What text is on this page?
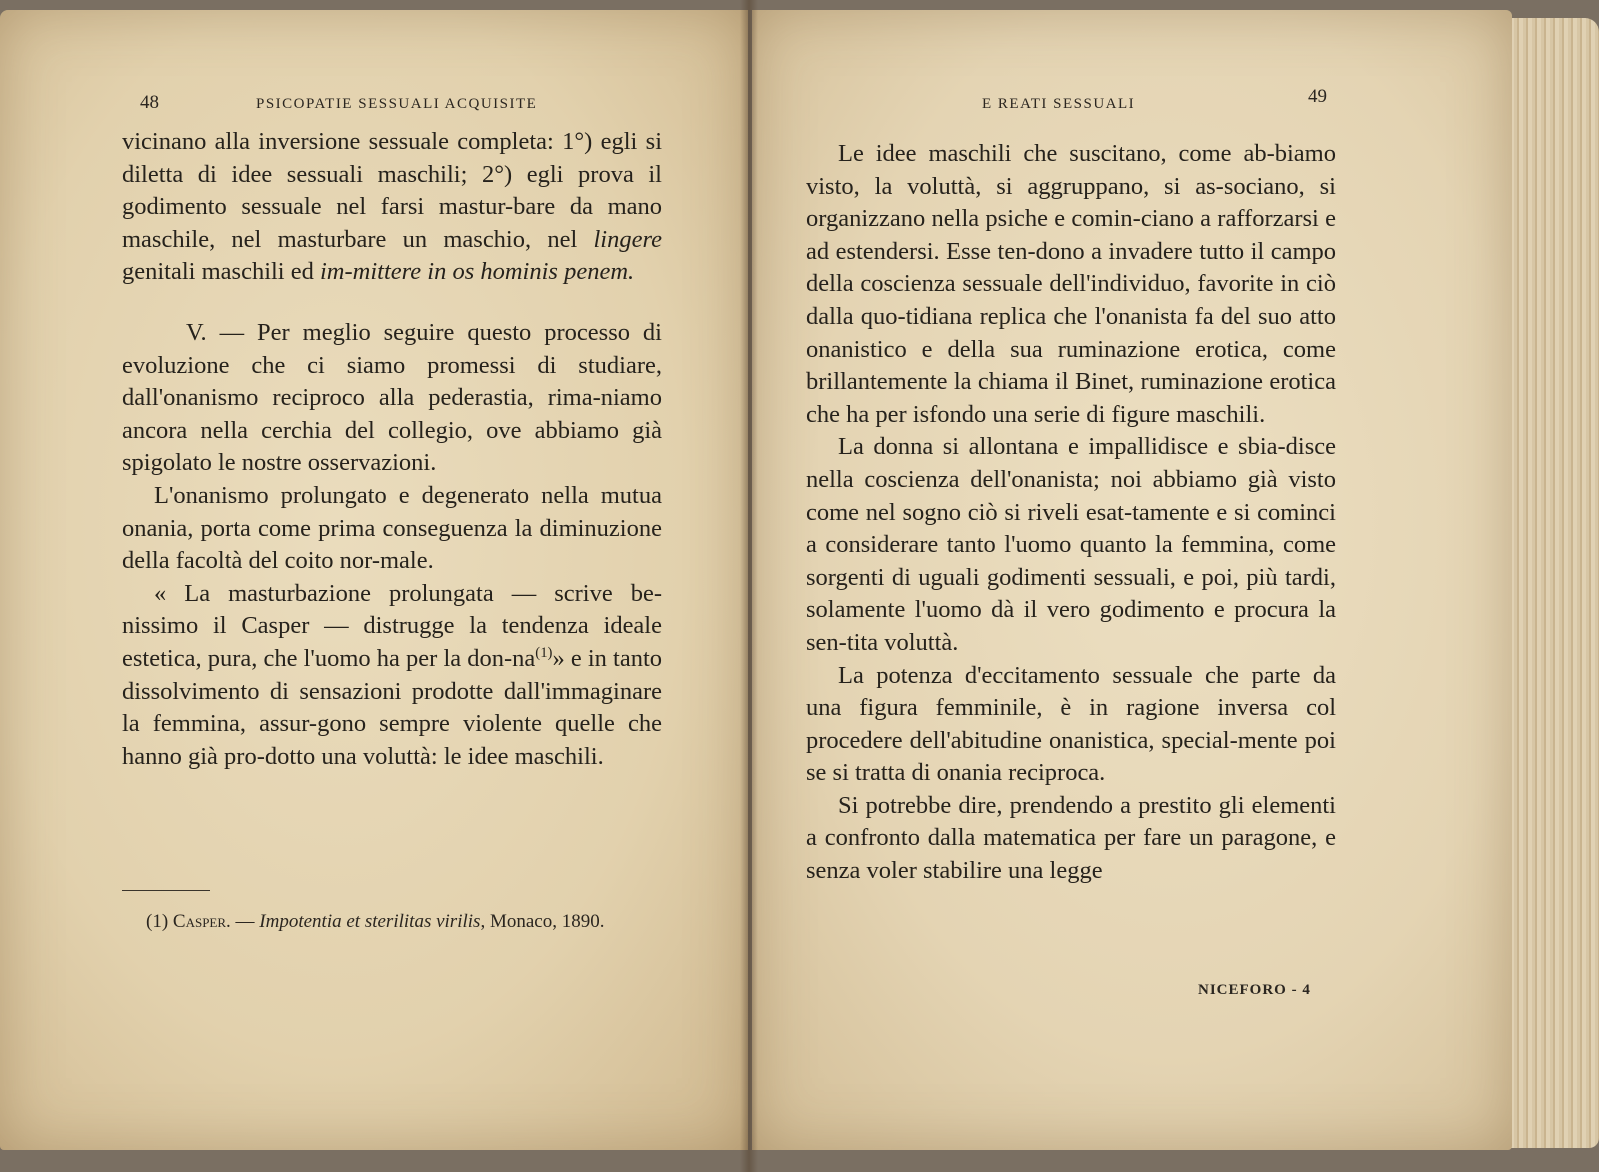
48	PSICOPATIE SESSUALI ACQUISITE

vicinano alla inversione sessuale completa: 1°) egli si diletta di idee sessuali maschili; 2°) egli prova il godimento sessuale nel farsi mastur-bare da mano maschile, nel masturbare un maschio, nel lingere genitali maschili ed im-mittere in os hominis penem.

V. — Per meglio seguire questo processo di evoluzione che ci siamo promessi di studiare, dall'onanismo reciproco alla pederastia, rima-niamo ancora nella cerchia del collegio, ove abbiamo già spigolato le nostre osservazioni.

L'onanismo prolungato e degenerato nella mutua onania, porta come prima conseguenza la diminuzione della facoltà del coito nor-male.

« La masturbazione prolungata — scrive be-nissimo il Casper — distrugge la tendenza ideale estetica, pura, che l'uomo ha per la don-$na^{(1)}$» e in tanto dissolvimento di sensazioni prodotte dall'immaginare la femmina, assur-gono sempre violente quelle che hanno già pro-dotto una voluttà: le idee maschili.

(1) Casper. — Impotentia et sterilitas virilis, Monaco, 1890.
E REATI SESSUALI	49

Le idee maschili che suscitano, come ab-biamo visto, la voluttà, si aggruppano, si as-sociano, si organizzano nella psiche e comin-ciano a rafforzarsi e ad estendersi. Esse ten-dono a invadere tutto il campo della coscienza sessuale dell'individuo, favorite in ciò dalla quo-tidiana replica che l'onanista fa del suo atto onanistico e della sua ruminazione erotica, come brillantemente la chiama il Binet, ruminazione erotica che ha per isfondo una serie di figure maschili.

La donna si allontana e impallidisce e sbia-disce nella coscienza dell'onanista; noi abbiamo già visto come nel sogno ciò si riveli esat-tamente e si cominci a considerare tanto l'uomo quanto la femmina, come sorgenti di uguali godimenti sessuali, e poi, più tardi, solamente l'uomo dà il vero godimento e procura la sen-tita voluttà.

La potenza d'eccitamento sessuale che parte da una figura femminile, è in ragione inversa col procedere dell'abitudine onanistica, special-mente poi se si tratta di onania reciproca.

Si potrebbe dire, prendendo a prestito gli elementi a confronto dalla matematica per fare un paragone, e senza voler stabilire una legge

NICEFORO - 4
